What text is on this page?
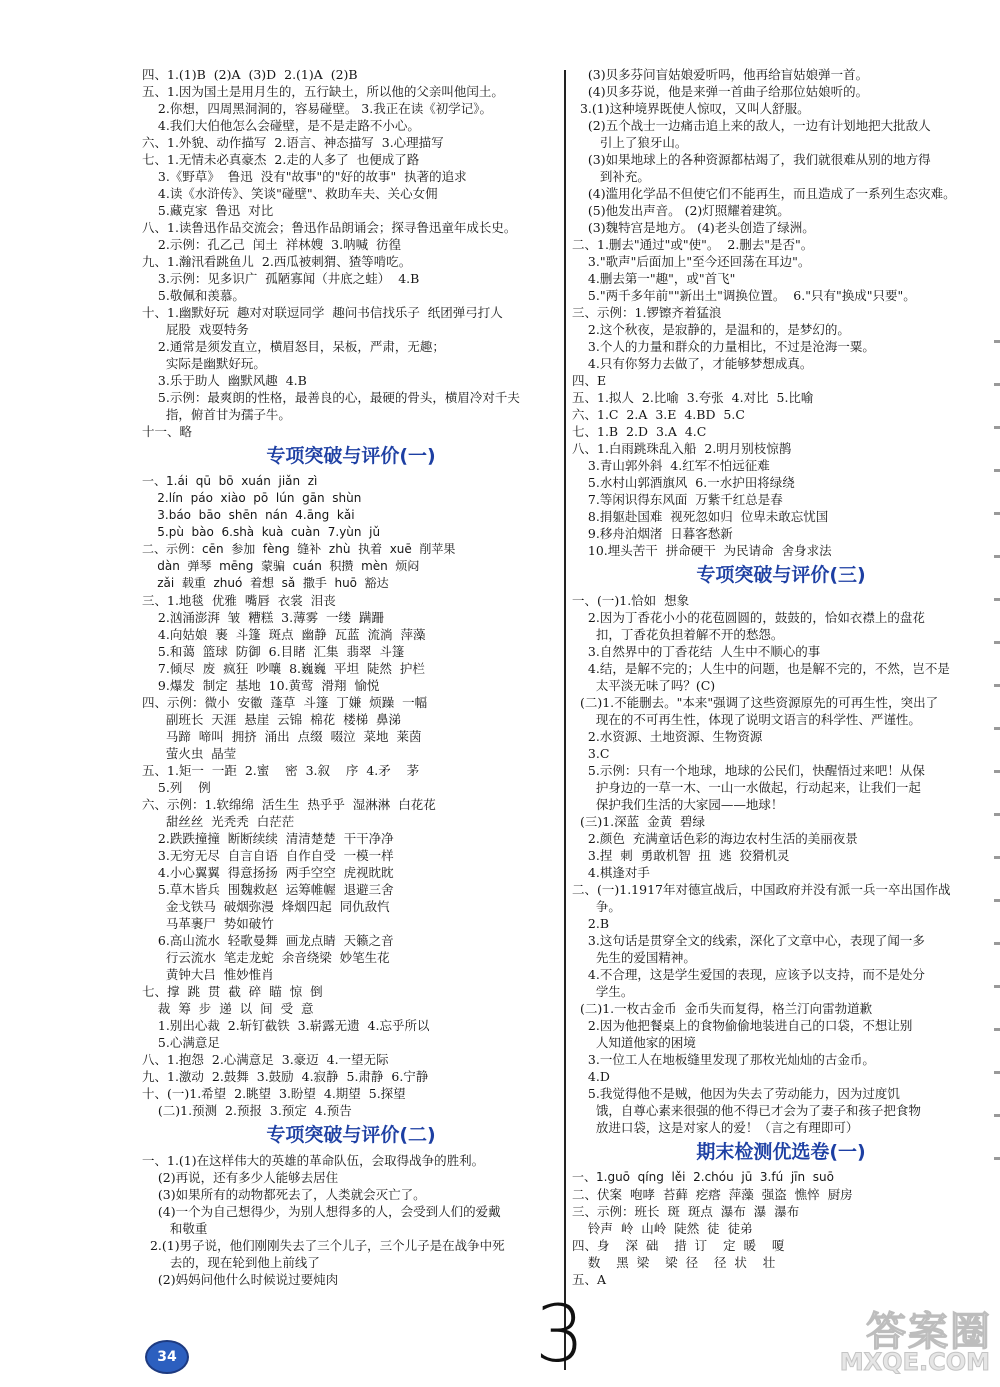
四、1.(1)B  (2)A  (3)D  2.(1)A  (2)B
五、1.因为国土是用月生的，五行缺土，所以他的父亲叫他闰土。
2.你想，四周黑洞洞的，容易碰壁。 3.我正在读《初学记》。
4.我们大伯他怎么会碰壁，是不是走路不小心。
六、1.外貌、动作描写  2.语言、神态描写  3.心理描写
七、1.无情未必真豪杰  2.走的人多了  也便成了路
3.《野草》  鲁迅  没有"故事"的"好的故事"  执著的追求
4.读《水浒传》、笑谈"碰壁"、救助车夫、关心女佣
5.藏克家  鲁迅  对比
八、1.读鲁迅作品交流会；鲁迅作品朗诵会；探寻鲁迅童年成长史。
2.示例：孔乙己  闰土  祥林嫂  3.呐喊  彷徨
九、1.瀚汛看跳鱼儿  2.西瓜被刺猬、猹等啃吃。
3.示例：见多识广  孤陋寡闻（井底之蛙）  4.B
5.敬佩和羡慕。
十、1.幽默好玩  趣对对联逗同学  趣问书信找乐子  纸团弹弓打人
屁股  戏耍特务
2.通常是须发直立，横眉怒目，呆板，严肃，无趣；
实际是幽默好玩。
3.乐于助人  幽默风趣  4.B
5.示例：最爽朗的性格，最善良的心，最硬的骨头，横眉冷对千夫
指，俯首甘为孺子牛。
十一、略
专项突破与评价(一)
一、1.ái  qū  bō  xuán  jiǎn  zì
2.lín  páo  xiào  pō  lún  gān  shùn
3.báo  bāo  shēn  nán  4.āng  kǎi
5.pù  bào  6.shà  kuà  cuàn  7.yùn  jǔ
二、示例：cēn  参加  fèng  缝补  zhù  执着  xuē  削苹果
dàn  弹琴  mēng  蒙骗  cuán  积攒  mèn  烦闷
zǎi  载重  zhuó  着想  sǎ  撒手  huō  豁达
三、1.地毯  优雅  嘴唇  衣裳  泪丧
2.汹涌澎湃  皱  糟糕  3.薄雾  一缕  蹒跚
4.向姑娘  裹  斗篷  斑点  幽静  瓦蓝  流淌  萍藻
5.和蔼  篮球  防御  6.目睹  汇集  翡翠  斗篷
7.倾尽  废  疯狂  吵嚷  8.巍巍  平坦  陡然  护栏
9.爆发  制定  基地  10.黄莺  滑翔  愉悦
四、示例：微小  安徽  蓬草  斗篷  丁嫌  烦躁  一幅
副班长  天涯  悬崖  云锦  棉花  楼梯  鼻涕
马蹄  啼叫  拥挤  涌出  点缀  啜泣  菜地  莱茵
萤火虫  晶莹
五、1.矩一  一距  2.蜜    密  3.叙    序  4.矛    茅
5.列    例
六、示例：1.软绵绵  活生生  热乎乎  湿淋淋  白花花
甜丝丝  光秃秃  白茫茫
2.跌跌撞撞  断断续续  清清楚楚  干干净净
3.无穷无尽  自言自语  自作自受  一模一样
4.小心翼翼  得意扬扬  两手空空  虎视眈眈
5.草木皆兵  围魏救赵  运筹帷幄  退避三舍
金戈铁马  破烟弥漫  烽烟四起  同仇敌忾
马革裹尸  势如破竹
6.高山流水  轻歌曼舞  画龙点睛  天籁之音
行云流水  笔走龙蛇  余音绕梁  妙笔生花
黄钟大吕  惟妙惟肖
七、撑  跳  贯  截  碎  瞄  惊  倒
裁  筹  步  递  以  间  受  意
1.别出心裁  2.斩钉截铁  3.崭露无遗  4.忘乎所以
5.心满意足
八、1.抱怨  2.心满意足  3.豪迈  4.一望无际
九、1.激动  2.鼓舞  3.鼓励  4.寂静  5.肃静  6.宁静
十、(一)1.希望  2.眺望  3.盼望  4.期望  5.探望
(二)1.预测  2.预报  3.预定  4.预告
专项突破与评价(二)
一、1.(1)在这样伟大的英雄的革命队伍，会取得战争的胜利。
(2)再说，还有多少人能够去居住
(3)如果所有的动物都死去了，人类就会灭亡了。
(4)一个为自己想得少，为别人想得多的人，会受到人们的爱戴
和敬重
2.(1)男子说，他们刚刚失去了三个儿子，三个儿子是在战争中死
去的，现在轮到他上前线了
(2)妈妈问他什么时候说过要炖肉
(3)贝多芬问盲姑娘爱听吗，他再给盲姑娘弹一首。
(4)贝多芬说，他是来弹一首曲子给那位姑娘听的。
3.(1)这种境界既使人惊叹，又叫人舒服。
(2)五个战士一边痛击追上来的敌人，一边有计划地把大批敌人
引上了狼牙山。
(3)如果地球上的各种资源都枯竭了，我们就很难从别的地方得
到补充。
(4)滥用化学品不但使它们不能再生，而且造成了一系列生态灾难。
(5)他发出声音。 (2)灯照耀着建筑。
(3)魏特宫是地方。 (4)老头创造了绿洲。
二、1.删去"通过"或"使"。  2.删去"是否"。
3."歌声"后面加上"至今还回荡在耳边"。
4.删去第一"趣"，或"首飞"
5."两千多年前""新出土"调换位置。  6."只有"换成"只要"。
三、示例：1.锣镲齐着猛浪
2.这个秋夜，是寂静的，是温和的，是梦幻的。
3.个人的力量和群众的力量相比，不过是沧海一粟。
4.只有你努力去做了，才能够梦想成真。
四、E
五、1.拟人  2.比喻  3.夸张  4.对比  5.比喻
六、1.C  2.A  3.E  4.BD  5.C
七、1.B  2.D  3.A  4.C
八、1.白雨跳珠乱入船  2.明月别枝惊鹊
3.青山郭外斜  4.红军不怕远征难
5.水村山郭酒旗风  6.一水护田将绿绕
7.等闲识得东风面  万紫千红总是春
8.捐躯赴国难  视死忽如归  位卑未敢忘忧国
9.移舟泊烟渚  日暮客愁新
10.埋头苦干  拼命硬干  为民请命  舍身求法
专项突破与评价(三)
一、(一)1.恰如  想象
2.因为丁香花小小的花苞圆圆的，鼓鼓的，恰如衣襟上的盘花
扣，丁香花负担着解不开的愁怨。
3.自然界中的丁香花结  人生中不顺心的事
4.结，是解不完的；人生中的问题，也是解不完的，不然，岂不是
太平淡无味了吗？(C)
(二)1.不能删去。"本来"强调了这些资源原先的可再生性，突出了
现在的不可再生性，体现了说明文语言的科学性、严谨性。
2.水资源、土地资源、生物资源
3.C
5.示例：只有一个地球，地球的公民们，快醒悟过来吧！从保
护身边的一草一木、一山一水做起，行动起来，让我们一起
保护我们生活的大家园——地球！
(三)1.深蓝  金黄  碧绿
2.颜色  充满童话色彩的海边农村生活的美丽夜景
3.捏  刺  勇敢机智  扭  逃  狡猾机灵
4.棋逢对手
二、(一)1.1917年对德宣战后，中国政府并没有派一兵一卒出国作战
争。
2.B
3.这句话是贯穿全文的线索，深化了文章中心，表现了闻一多
先生的爱国精神。
4.不合理，这是学生爱国的表现，应该予以支持，而不是处分
学生。
(二)1.一枚古金币  金币失而复得，格兰汀向雷勃道歉
2.因为他把餐桌上的食物偷偷地装进自己的口袋，不想让别
人知道他家的困境
3.一位工人在地板缝里发现了那枚光灿灿的古金币。
4.D
5.我觉得他不是贼，他因为失去了劳动能力，因为过度饥
饿，自尊心素来很强的他不得已才会为了妻子和孩子把食物
放进口袋，这是对家人的爱！（言之有理即可）
期末检测优选卷(一)
一、1.guō  qíng  lěi  2.chóu  jū  3.fú  jīn  suō
二、伏案  咆哮  苔藓  疙瘩  萍藻  强盗  憔悴  厨房
三、示例：班长  斑  斑点  瀑布  瀑  瀑布
铃声  岭  山岭  陡然  徒  徒弟
四、身    深  础    措  订    定  暖    嗄
数    黑  梁    梁  径    径  状    壮
五、A
34	3	答案圈
MXQE.COM
